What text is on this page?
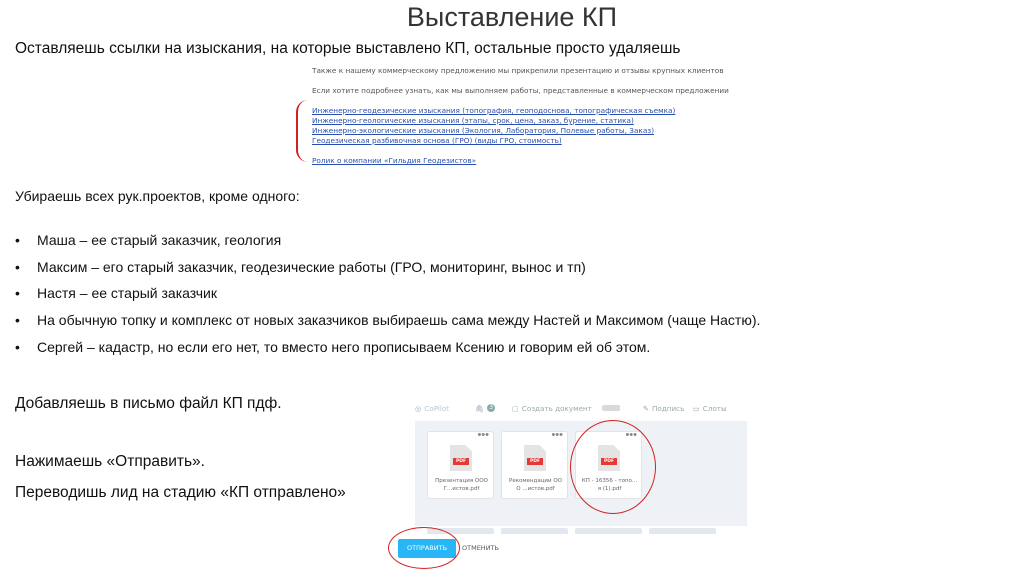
Выставление КП
Оставляешь ссылки на изыскания, на которые выставлено КП, остальные просто удаляешь
Также к нашему коммерческому предложению мы прикрепили презентацию и отзывы крупных клиентов
Если хотите подробнее узнать, как мы выполняем работы, представленные в коммерческом предложении
Инженерно-геодезические изыскания (топография, геоподоснова, топографическая съемка)
Инженерно-геологические изыскания (этапы, срок, цена, заказ, бурение, статика)
Инженерно-экологические изыскания (Экология, Лаборатория, Полевые работы, Заказ)
Геодезическая разбивочная основа (ГРО) (виды ГРО, стоимость)
Ролик о компании «Гильдия Геодезистов»
Убираешь всех рук.проектов, кроме одного:
• Маша – ее старый заказчик, геология
• Максим – его старый заказчик, геодезические работы (ГРО, мониторинг, вынос и тп)
• Настя – ее старый заказчик
• На обычную топку и комплекс от новых заказчиков выбираешь сама между Настей и Максимом (чаще Настю).
• Сергей – кадастр, но если его нет, то вместо него прописываем Ксению и говорим ей об этом.
Добавляешь в письмо файл КП пдф.
Нажимаешь «Отправить».
Переводишь лид на стадию «КП отправлено»
◎ CoPilot	🖇 3	▢ Создать документ	✎ Подпись ▭ Слоты
•••
PDF
Презентация ООО
Г...истов.pdf
•••
PDF
Рекомендации ОО
О ...истов.pdf
•••
PDF
КП - 16356 - топо...
я (1).pdf
ОТПРАВИТЬ	ОТМЕНИТЬ
